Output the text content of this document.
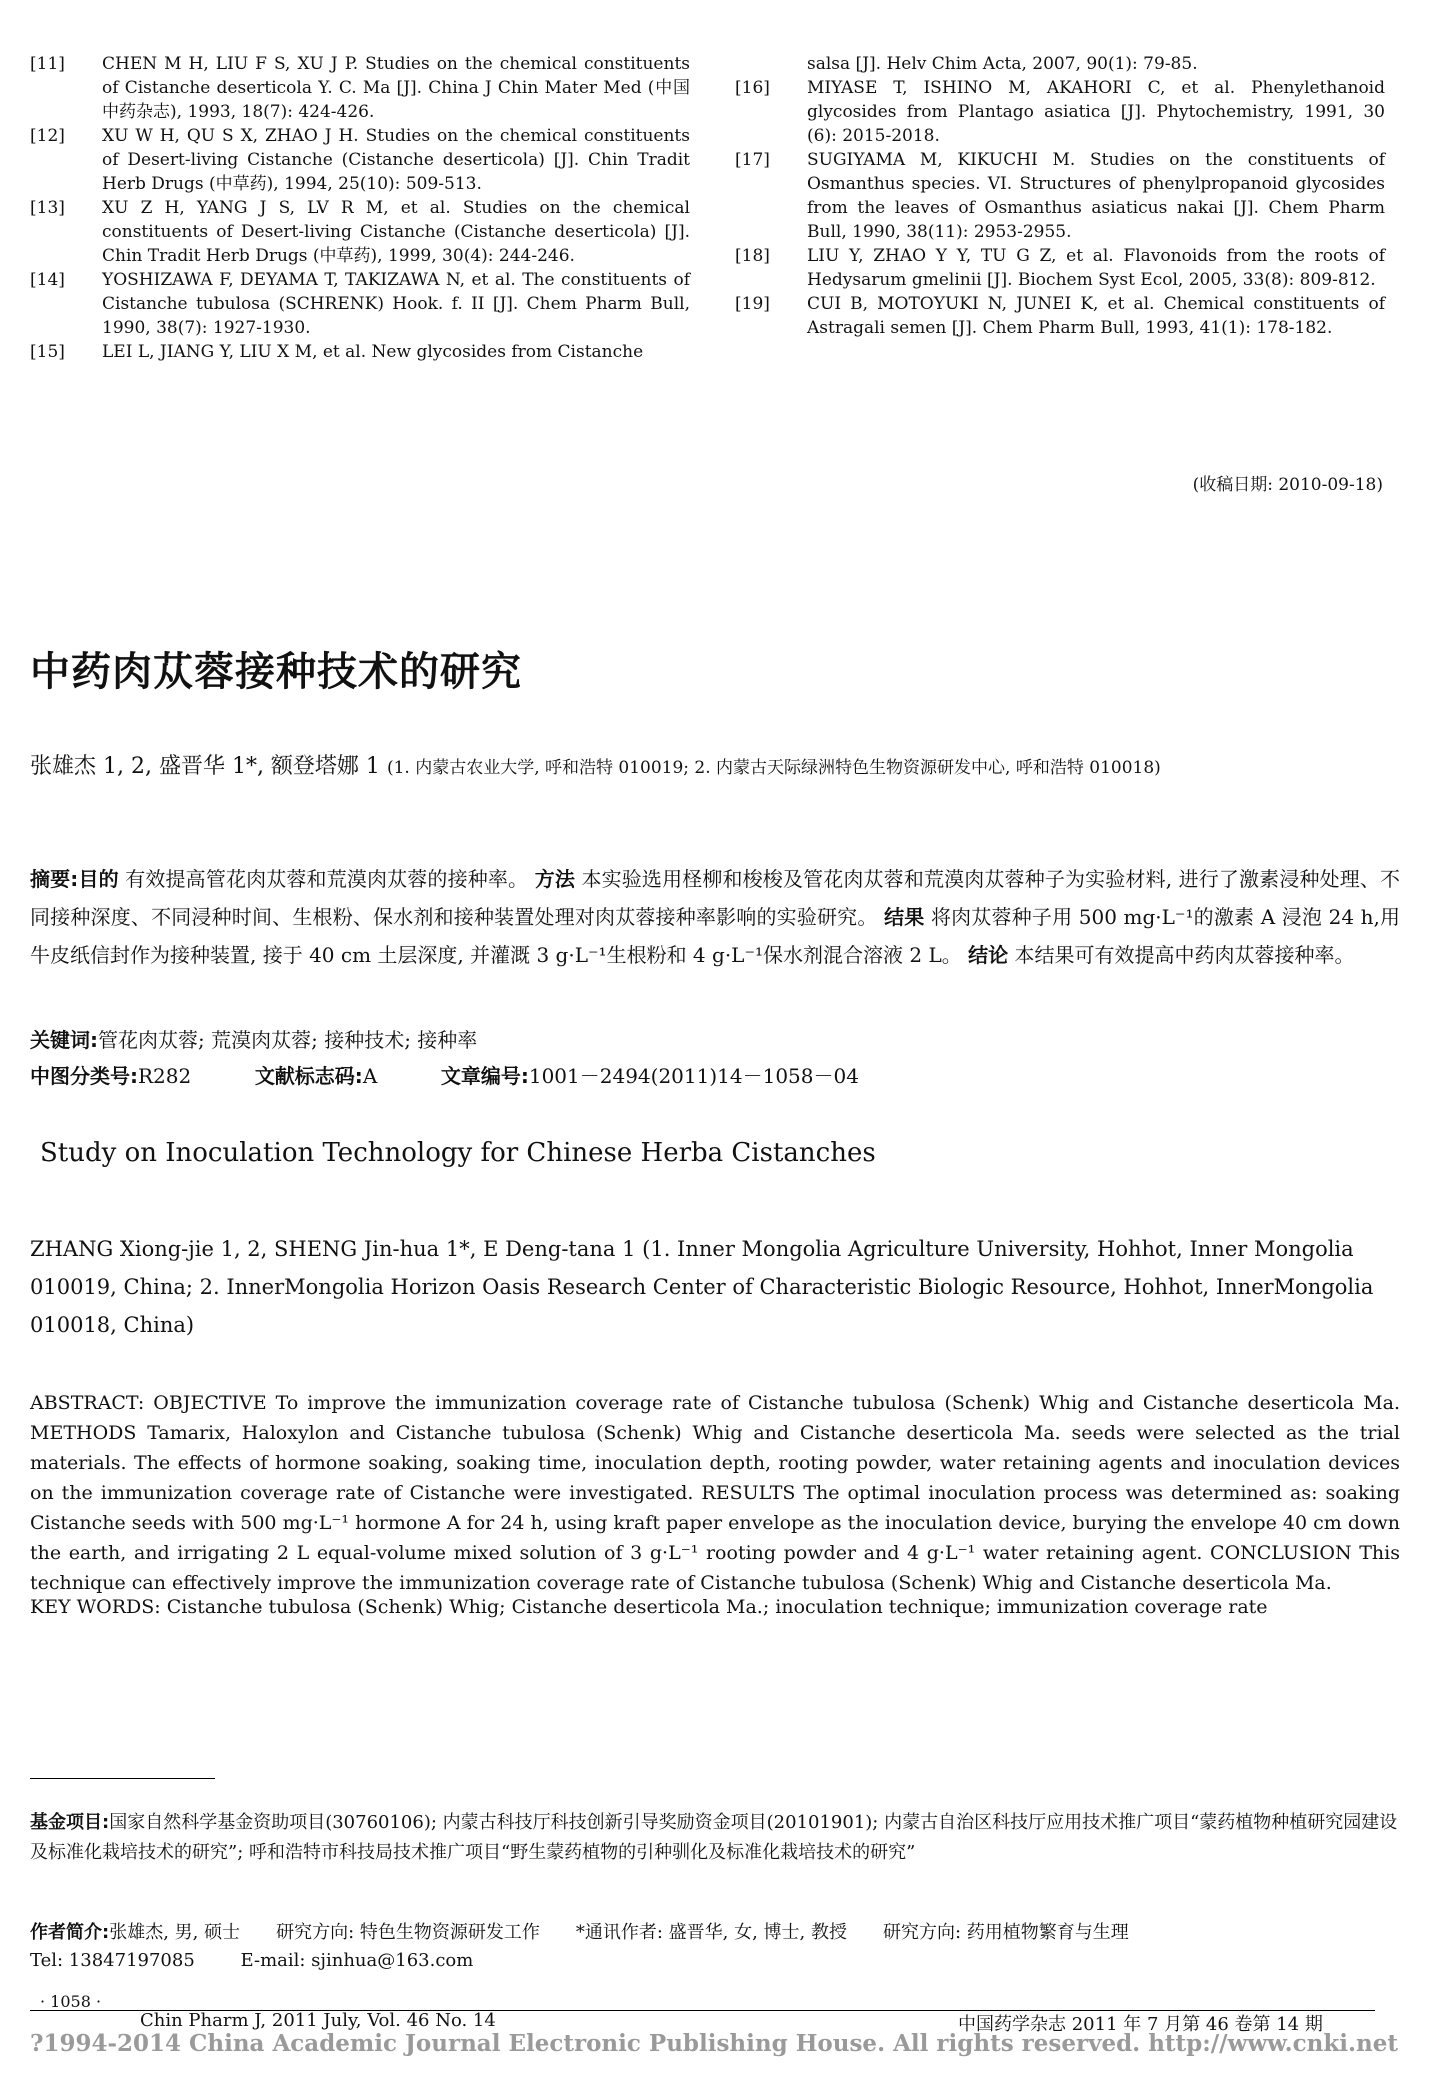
[11]	CHEN M H, LIU F S, XU J P. Studies on the chemical constituents of Cistanche deserticola Y. C. Ma [J]. China J Chin Mater Med (中国中药杂志), 1993, 18(7): 424-426.
[12]	XU W H, QU S X, ZHAO J H. Studies on the chemical constituents of Desert-living Cistanche (Cistanche deserticola) [J]. Chin Tradit Herb Drugs (中草药), 1994, 25(10): 509-513.
[13]	XU Z H, YANG J S, LV R M, et al. Studies on the chemical constituents of Desert-living Cistanche (Cistanche deserticola) [J]. Chin Tradit Herb Drugs (中草药), 1999, 30(4): 244-246.
[14]	YOSHIZAWA F, DEYAMA T, TAKIZAWA N, et al. The constituents of Cistanche tubulosa (SCHRENK) Hook. f. II [J]. Chem Pharm Bull, 1990, 38(7): 1927-1930.
[15]	LEI L, JIANG Y, LIU X M, et al. New glycosides from Cistanche
salsa [J]. Helv Chim Acta, 2007, 90(1): 79-85.
[16]	MIYASE T, ISHINO M, AKAHORI C, et al. Phenylethanoid glycosides from Plantago asiatica [J]. Phytochemistry, 1991, 30 (6): 2015-2018.
[17]	SUGIYAMA M, KIKUCHI M. Studies on the constituents of Osmanthus species. VI. Structures of phenylpropanoid glycosides from the leaves of Osmanthus asiaticus nakai [J]. Chem Pharm Bull, 1990, 38(11): 2953-2955.
[18]	LIU Y, ZHAO Y Y, TU G Z, et al. Flavonoids from the roots of Hedysarum gmelinii [J]. Biochem Syst Ecol, 2005, 33(8): 809-812.
[19]	CUI B, MOTOYUKI N, JUNEI K, et al. Chemical constituents of Astragali semen [J]. Chem Pharm Bull, 1993, 41(1): 178-182.
(收稿日期: 2010-09-18)
中药肉苁蓉接种技术的研究
张雄杰 1, 2, 盛晋华 1*, 额登塔娜 1 (1. 内蒙古农业大学, 呼和浩特 010019; 2. 内蒙古天际绿洲特色生物资源研发中心, 呼和浩特 010018)
摘要:目的 有效提高管花肉苁蓉和荒漠肉苁蓉的接种率。 方法 本实验选用柽柳和梭梭及管花肉苁蓉和荒漠肉苁蓉种子为实验材料, 进行了激素浸种处理、不同接种深度、不同浸种时间、生根粉、保水剂和接种装置处理对肉苁蓉接种率影响的实验研究。 结果 将肉苁蓉种子用 500 mg·L⁻¹的激素 A 浸泡 24 h,用牛皮纸信封作为接种装置, 接于 40 cm 土层深度, 并灌溉 3 g·L⁻¹生根粉和 4 g·L⁻¹保水剂混合溶液 2 L。 结论 本结果可有效提高中药肉苁蓉接种率。
关键词:管花肉苁蓉; 荒漠肉苁蓉; 接种技术; 接种率
中图分类号:R282	文献标志码:A	文章编号:1001－2494(2011)14－1058－04
Study on Inoculation Technology for Chinese Herba Cistanches
ZHANG Xiong-jie 1, 2, SHENG Jin-hua 1*, E Deng-tana 1 (1. Inner Mongolia Agriculture University, Hohhot, Inner Mongolia 010019, China; 2. InnerMongolia Horizon Oasis Research Center of Characteristic Biologic Resource, Hohhot, InnerMongolia 010018, China)
ABSTRACT: OBJECTIVE To improve the immunization coverage rate of Cistanche tubulosa (Schenk) Whig and Cistanche deserticola Ma. METHODS Tamarix, Haloxylon and Cistanche tubulosa (Schenk) Whig and Cistanche deserticola Ma. seeds were selected as the trial materials. The effects of hormone soaking, soaking time, inoculation depth, rooting powder, water retaining agents and inoculation devices on the immunization coverage rate of Cistanche were investigated. RESULTS The optimal inoculation process was determined as: soaking Cistanche seeds with 500 mg·L⁻¹ hormone A for 24 h, using kraft paper envelope as the inoculation device, burying the envelope 40 cm down the earth, and irrigating 2 L equal-volume mixed solution of 3 g·L⁻¹ rooting powder and 4 g·L⁻¹ water retaining agent. CONCLUSION This technique can effectively improve the immunization coverage rate of Cistanche tubulosa (Schenk) Whig and Cistanche deserticola Ma.
KEY WORDS: Cistanche tubulosa (Schenk) Whig; Cistanche deserticola Ma.; inoculation technique; immunization coverage rate
基金项目:国家自然科学基金资助项目(30760106); 内蒙古科技厅科技创新引导奖励资金项目(20101901); 内蒙古自治区科技厅应用技术推广项目“蒙药植物种植研究园建设及标准化栽培技术的研究”; 呼和浩特市科技局技术推广项目“野生蒙药植物的引种驯化及标准化栽培技术的研究”
作者简介:张雄杰, 男, 硕士　　研究方向: 特色生物资源研发工作　　*通讯作者: 盛晋华, 女, 博士, 教授　　研究方向: 药用植物繁育与生理
Tel: 13847197085	E-mail: sjinhua@163.com
· 1058 ·
Chin Pharm J, 2011 July, Vol. 46 No. 14	中国药学杂志 2011 年 7 月第 46 卷第 14 期
?1994-2014 China Academic Journal Electronic Publishing House. All rights reserved. http://www.cnki.net
